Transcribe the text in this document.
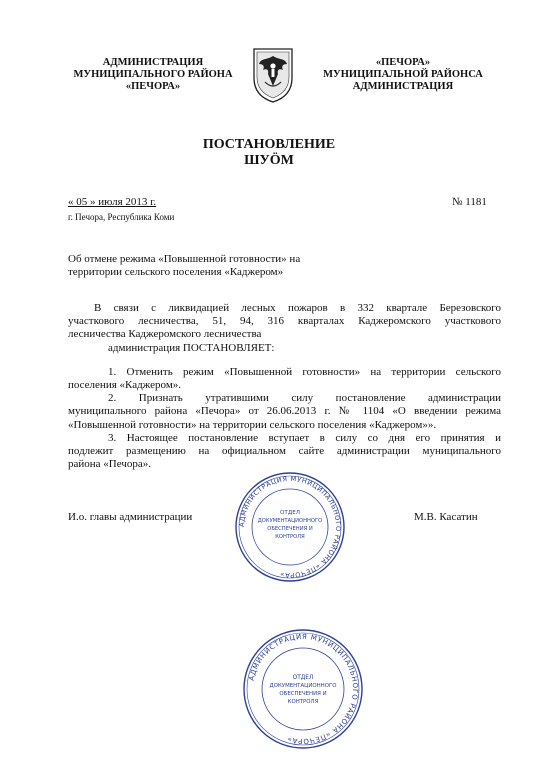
АДМИНИСТРАЦИЯ
МУНИЦИПАЛЬНОГО РАЙОНА
«ПЕЧОРА»
«ПЕЧОРА»
МУНИЦИПАЛЬНОЙ РАЙОНСА
АДМИНИСТРАЦИЯ
ПОСТАНОВЛЕНИЕ
ШУÖМ
« 05 » июля 2013 г.
г. Печора, Республика Коми
№ 1181
Об отмене режима «Повышенной готовности» на
территории сельского поселения «Каджером»
В связи с ликвидацией лесных пожаров в 332 квартале Березовского
участкового лесничества, 51, 94, 316 кварталах Каджеромского участкового
лесничества Каджеромского лесничества
администрация ПОСТАНОВЛЯЕТ:
1. Отменить режим «Повышенной готовности» на территории сельского
поселения «Каджером».
2. Признать утратившими силу постановление администрации
муниципального района «Печора» от 26.06.2013 г. № 1104 «О введении режима
«Повышенной готовности» на территории сельского поселения «Каджером»».
3. Настоящее постановление вступает в силу со дня его принятия и
подлежит размещению на официальном сайте администрации муниципального
района «Печора».
И.о. главы администрации	М.В. Касатин
АДМИНИСТРАЦИЯ МУНИЦИПАЛЬНОГО РАЙОНА «ПЕЧОРА»
ОТДЕЛ
ДОКУМЕНТАЦИОННОГО
ОБЕСПЕЧЕНИЯ И
КОНТРОЛЯ
АДМИНИСТРАЦИЯ МУНИЦИПАЛЬНОГО РАЙОНА «ПЕЧОРА»
ОТДЕЛ
ДОКУМЕНТАЦИОННОГО
ОБЕСПЕЧЕНИЯ И
КОНТРОЛЯ
